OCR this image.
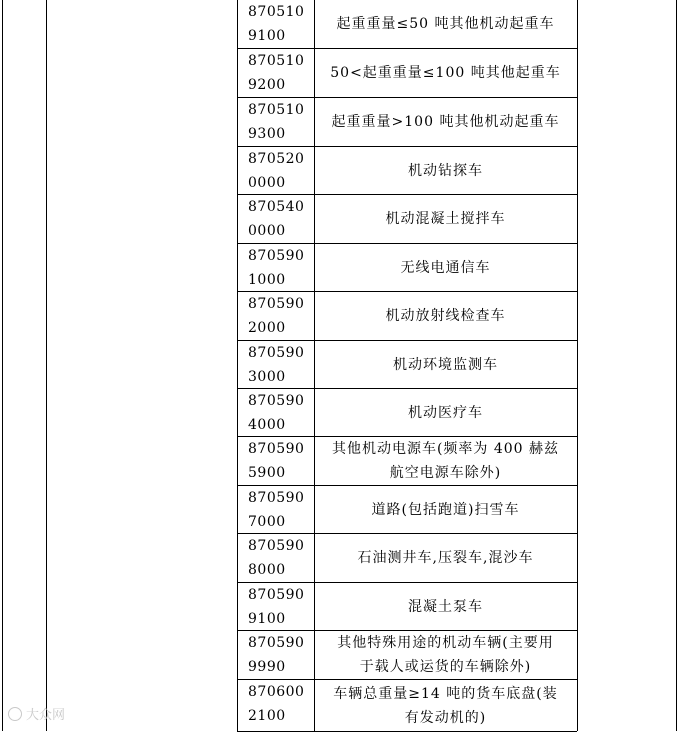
870510
9100
起重重量≤50 吨其他机动起重车
870510
9200
50<起重重量≤100 吨其他起重车
870510
9300
起重重量>100 吨其他机动起重车
870520
0000
机动钻探车
870540
0000
机动混凝土搅拌车
870590
1000
无线电通信车
870590
2000
机动放射线检查车
870590
3000
机动环境监测车
870590
4000
机动医疗车
870590
5900
其他机动电源车(频率为 400 赫兹
航空电源车除外)
870590
7000
道路(包括跑道)扫雪车
870590
8000
石油测井车,压裂车,混沙车
870590
9100
混凝土泵车
870590
9990
其他特殊用途的机动车辆(主要用
于载人或运货的车辆除外)
870600
2100
车辆总重量≥14 吨的货车底盘(装
有发动机的)
大众网
